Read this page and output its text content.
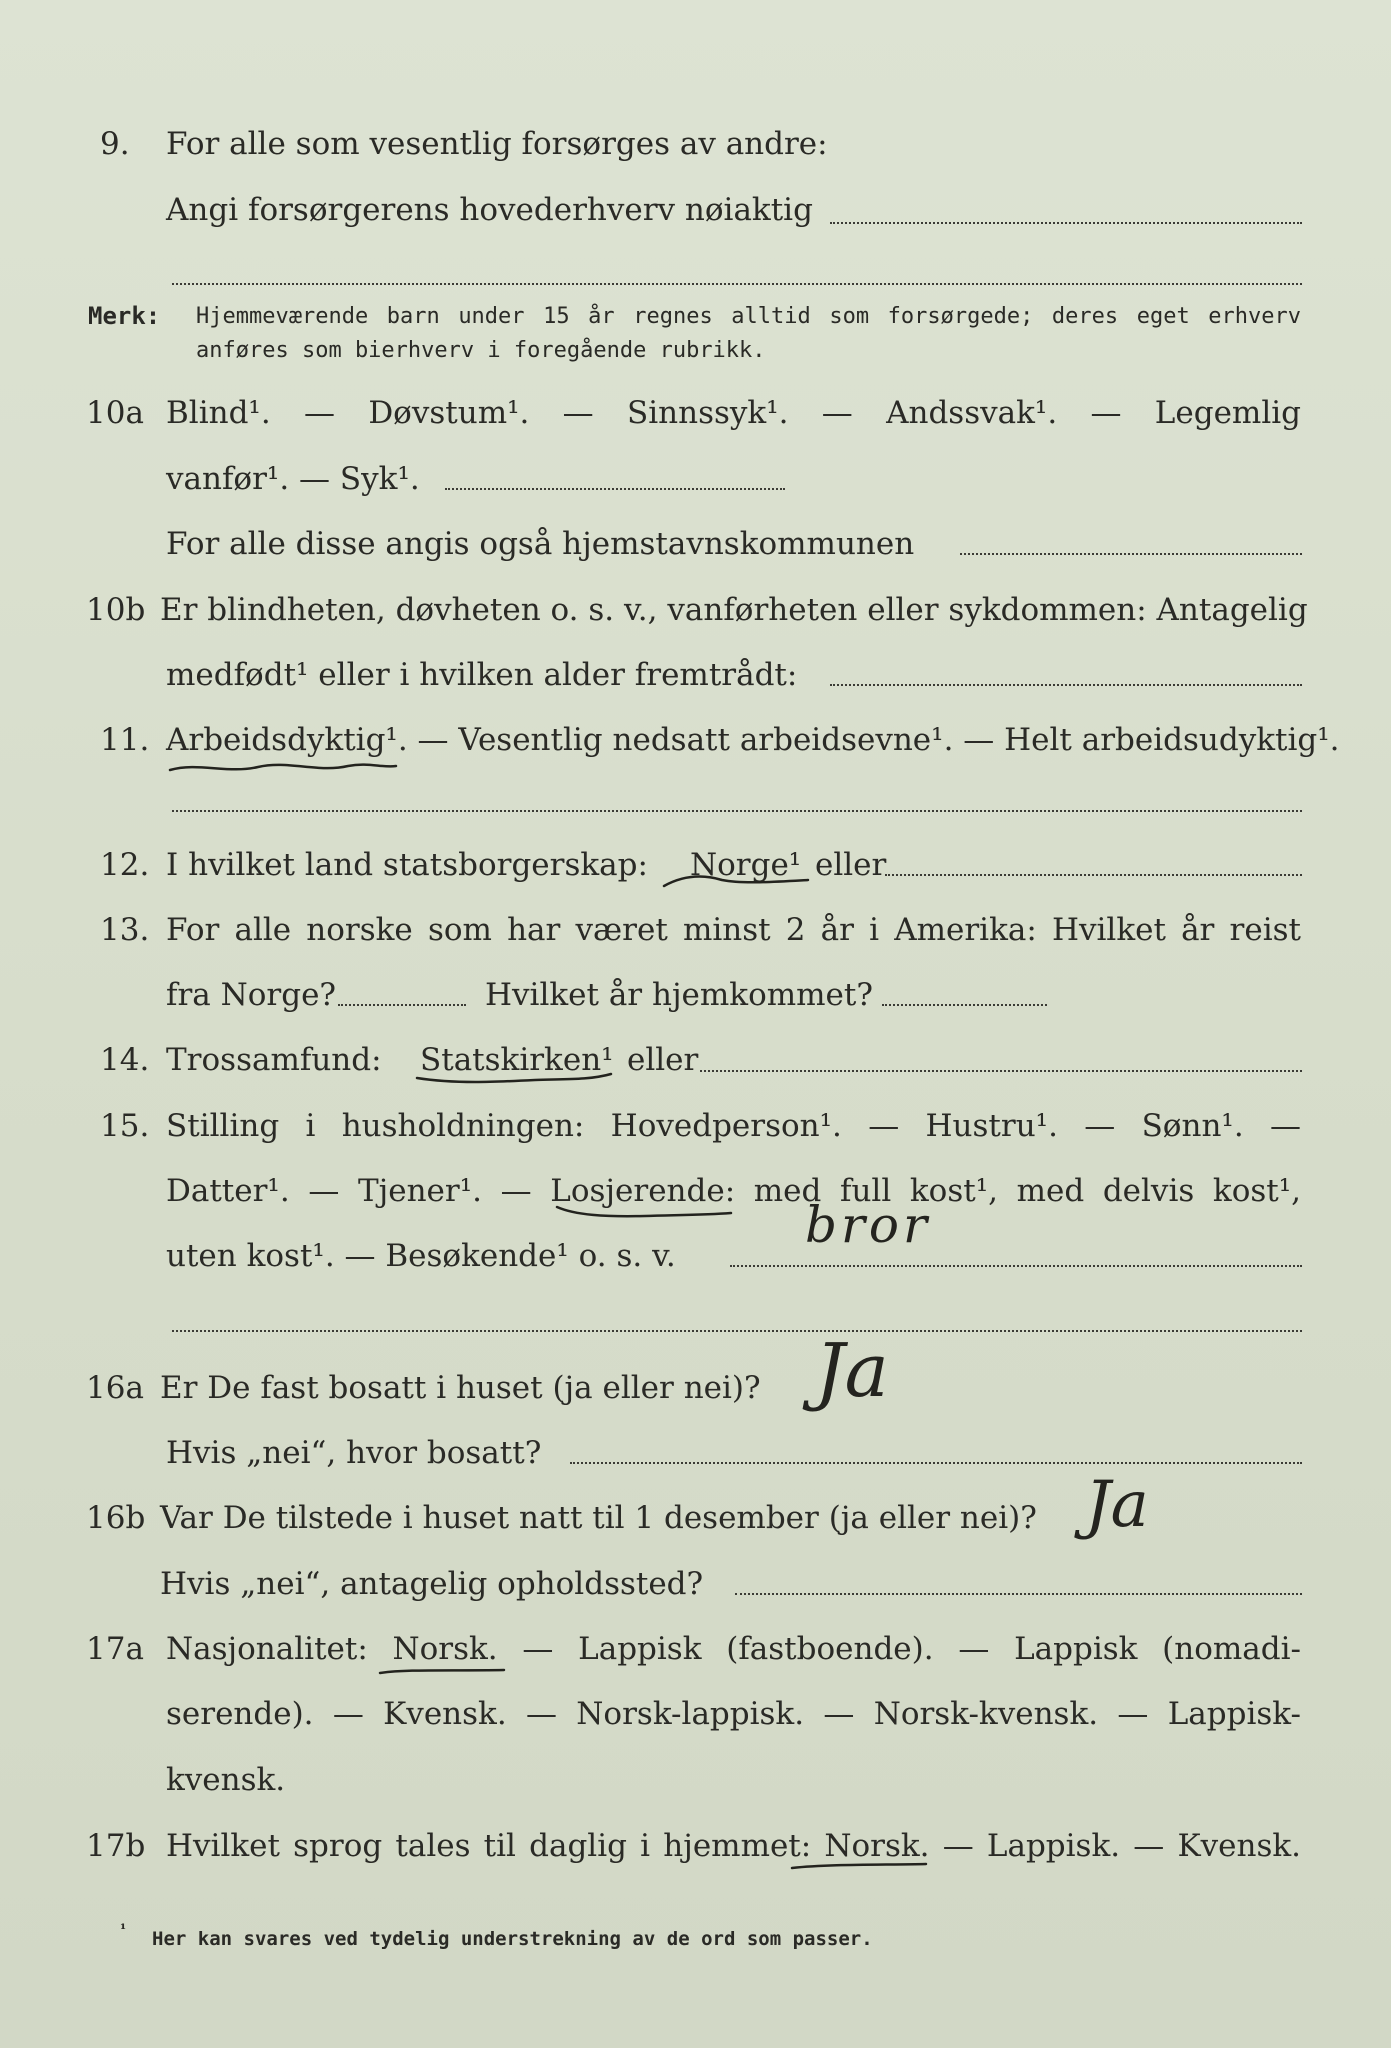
9. For alle som vesentlig forsørges av andre:
Angi forsørgerens hovederhverv nøiaktig
Merk: Hjemmeværende barn under 15 år regnes alltid som forsørgede; deres eget erhverv
anføres som bierhverv i foregående rubrikk.
10a Blind¹. — Døvstum¹. — Sinnssyk¹. — Andssvak¹. — Legemlig
vanfør¹. — Syk¹.
For alle disse angis også hjemstavnskommunen
10b Er blindheten, døvheten o. s. v., vanførheten eller sykdommen: Antagelig
medfødt¹ eller i hvilken alder fremtrådt:
11. Arbeidsdyktig¹. — Vesentlig nedsatt arbeidsevne¹. — Helt arbeidsudyktig¹.
12. I hvilket land statsborgerskap: Norge¹ eller
13. For alle norske som har været minst 2 år i Amerika: Hvilket år reist
fra Norge?	Hvilket år hjemkommet?
14. Trossamfund: Statskirken¹ eller
15. Stilling i husholdningen: Hovedperson¹. — Hustru¹. — Sønn¹. —
Datter¹. — Tjener¹. — Losjerende: med full kost¹, med delvis kost¹,
uten kost¹. — Besøkende¹ o. s. v.
bror
16a Er De fast bosatt i huset (ja eller nei)? Ja
Hvis „nei“, hvor bosatt?
16b Var De tilstede i huset natt til 1 desember (ja eller nei)? Ja
Hvis „nei“, antagelig opholdssted?
17a Nasjonalitet: Norsk. — Lappisk (fastboende). — Lappisk (nomadi-
serende). — Kvensk. — Norsk-lappisk. — Norsk-kvensk. — Lappisk-
kvensk.
17b Hvilket sprog tales til daglig i hjemmet: Norsk. — Lappisk. — Kvensk.
¹ Her kan svares ved tydelig understrekning av de ord som passer.
